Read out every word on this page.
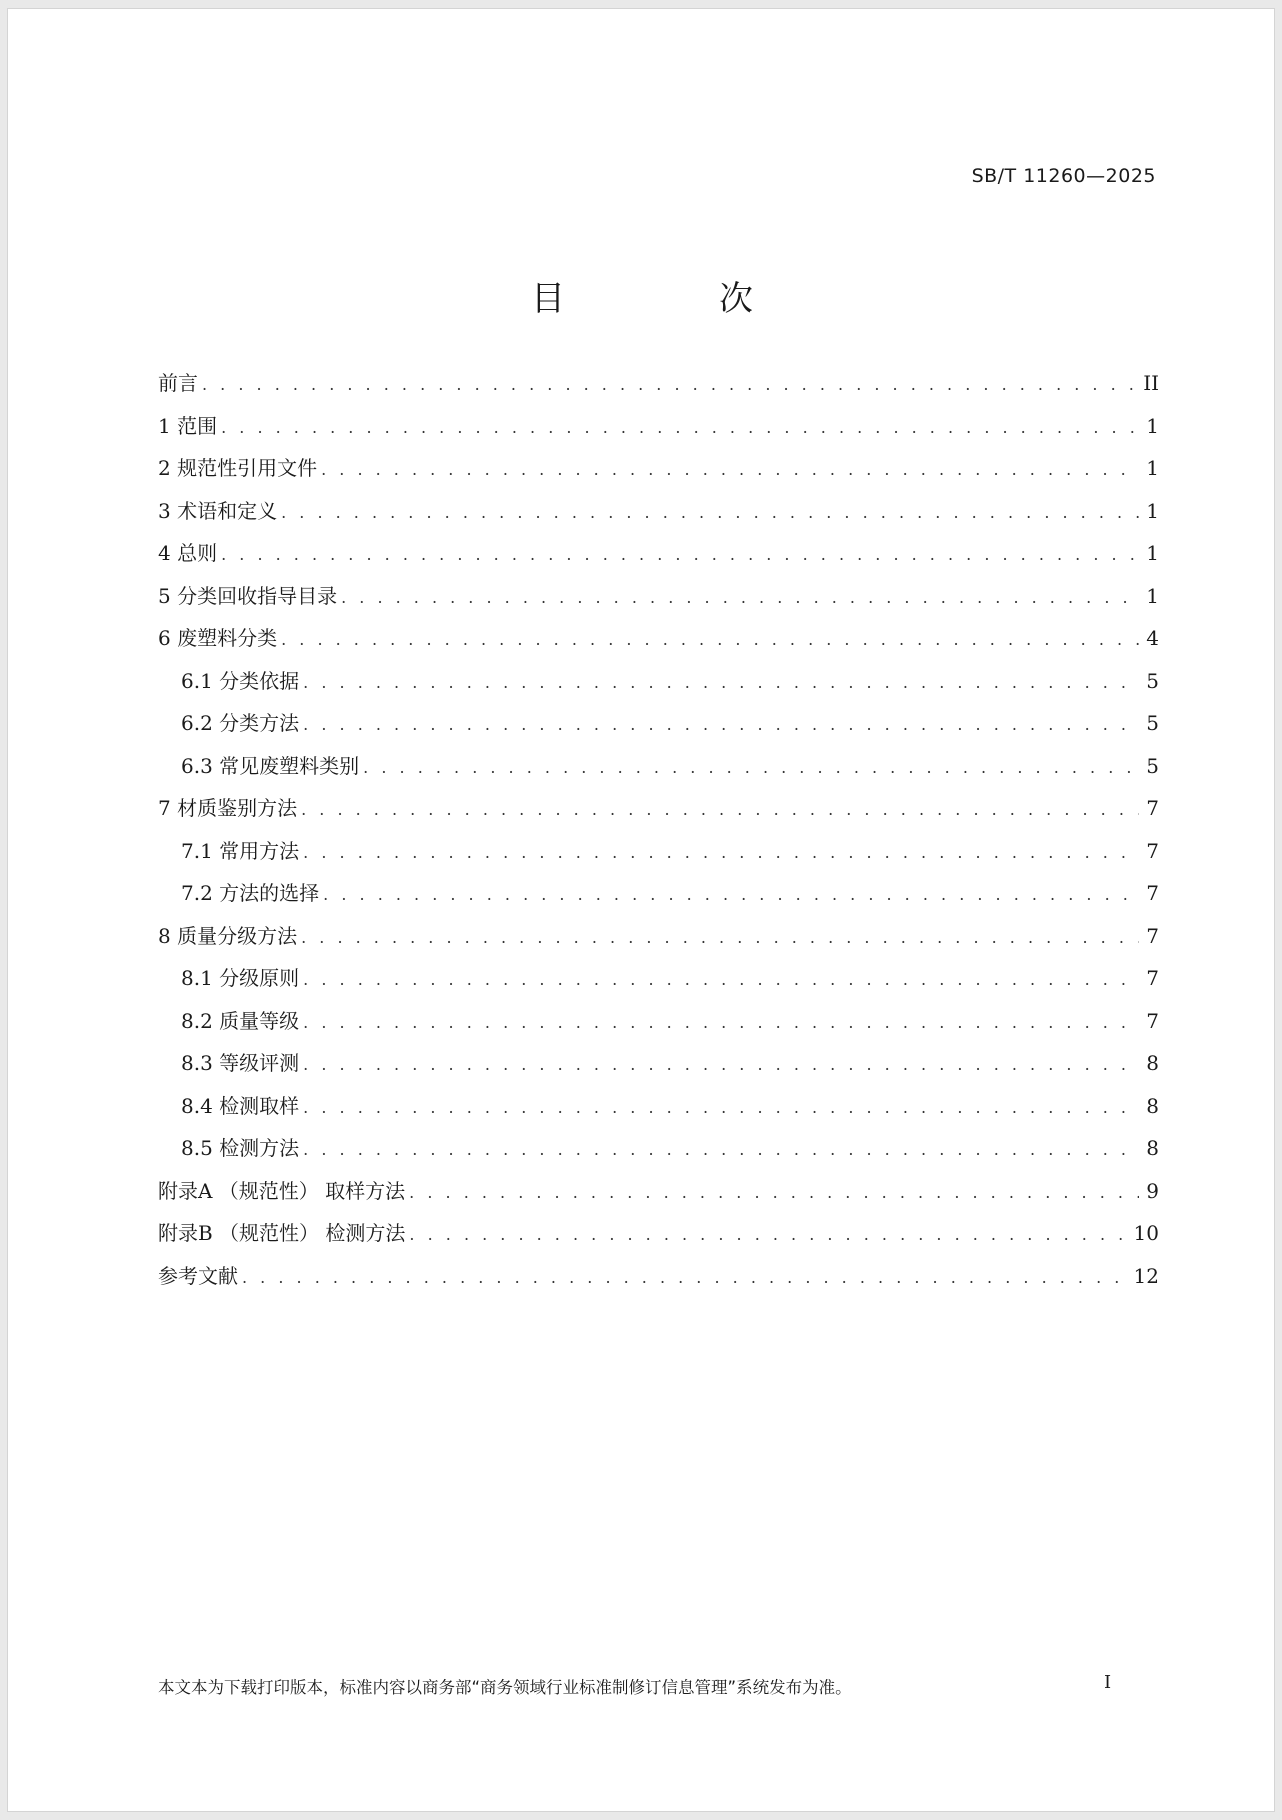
SB/T 11260—2025
目　次
前言 . . .	II
1 范围 . . .	1
2 规范性引用文件 . . .	1
3 术语和定义 . . .	1
4 总则 . . .	1
5 分类回收指导目录 . . .	1
6 废塑料分类 . . .	4
6.1 分类依据 . . .	5
6.2 分类方法 . . .	5
6.3 常见废塑料类别 . . .	5
7 材质鉴别方法 . . .	7
7.1 常用方法 . . .	7
7.2 方法的选择 . . .	7
8 质量分级方法 . . .	7
8.1 分级原则 . . .	7
8.2 质量等级 . . .	7
8.3 等级评测 . . .	8
8.4 检测取样 . . .	8
8.5 检测方法 . . .	8
附录A （规范性） 取样方法 . . .	9
附录B （规范性） 检测方法 . . .	10
参考文献 . . .	12
本文本为下载打印版本，标准内容以商务部“商务领域行业标准制修订信息管理”系统发布为准。	I
